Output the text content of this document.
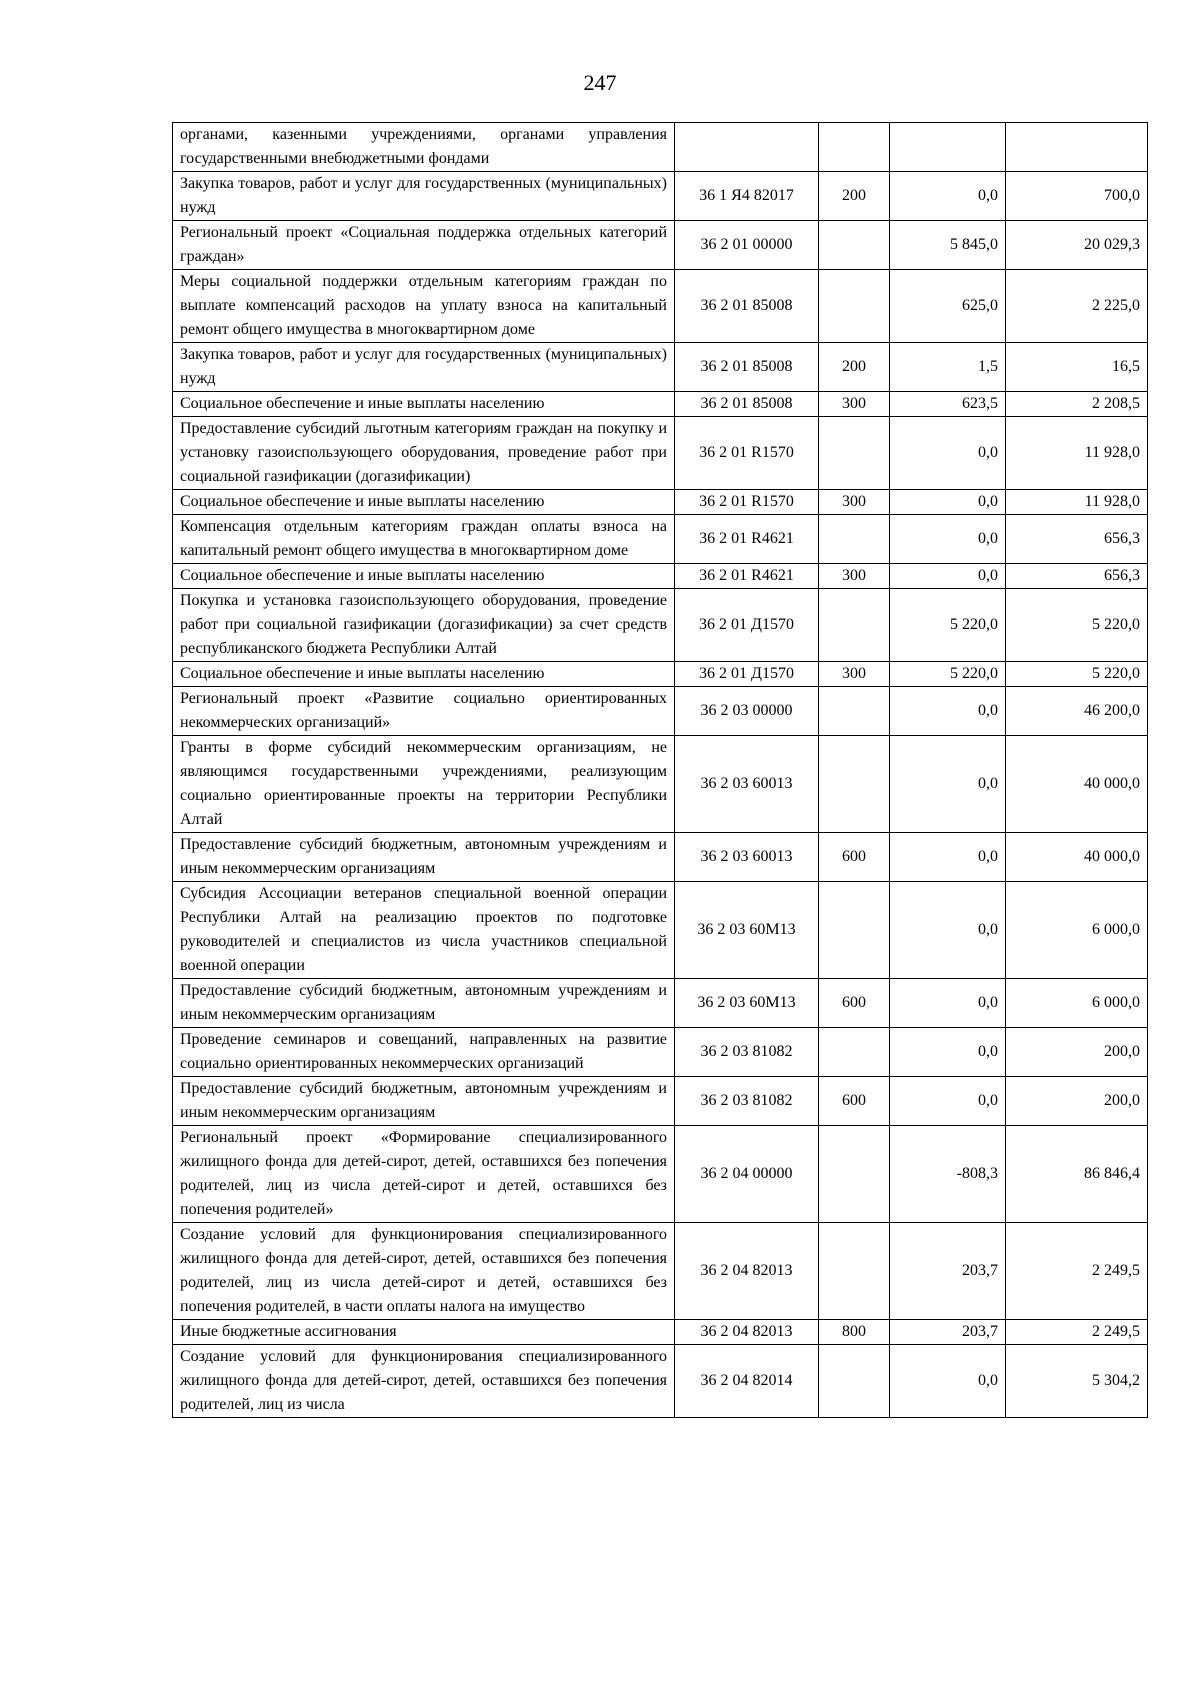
247
органами, казенными учреждениями, органами управления государственными внебюджетными фондами				
Закупка товаров, работ и услуг для государственных (муниципальных) нужд	36 1 Я4 82017	200	0,0	700,0
Региональный проект «Социальная поддержка отдельных категорий граждан»	36 2 01 00000		5 845,0	20 029,3
Меры социальной поддержки отдельным категориям граждан по выплате компенсаций расходов на уплату взноса на капитальный ремонт общего имущества в многоквартирном доме	36 2 01 85008		625,0	2 225,0
Закупка товаров, работ и услуг для государственных (муниципальных) нужд	36 2 01 85008	200	1,5	16,5
Социальное обеспечение и иные выплаты населению	36 2 01 85008	300	623,5	2 208,5
Предоставление субсидий льготным категориям граждан на покупку и установку газоиспользующего оборудования, проведение работ при социальной газификации (догазификации)	36 2 01 R1570		0,0	11 928,0
Социальное обеспечение и иные выплаты населению	36 2 01 R1570	300	0,0	11 928,0
Компенсация отдельным категориям граждан оплаты взноса на капитальный ремонт общего имущества в многоквартирном доме	36 2 01 R4621		0,0	656,3
Социальное обеспечение и иные выплаты населению	36 2 01 R4621	300	0,0	656,3
Покупка и установка газоиспользующего оборудования, проведение работ при социальной газификации (догазификации) за счет средств республиканского бюджета Республики Алтай	36 2 01 Д1570		5 220,0	5 220,0
Социальное обеспечение и иные выплаты населению	36 2 01 Д1570	300	5 220,0	5 220,0
Региональный проект «Развитие социально ориентированных некоммерческих организаций»	36 2 03 00000		0,0	46 200,0
Гранты в форме субсидий некоммерческим организациям, не являющимся государственными учреждениями, реализующим социально ориентированные проекты на территории Республики Алтай	36 2 03 60013		0,0	40 000,0
Предоставление субсидий бюджетным, автономным учреждениям и иным некоммерческим организациям	36 2 03 60013	600	0,0	40 000,0
Субсидия Ассоциации ветеранов специальной военной операции Республики Алтай на реализацию проектов по подготовке руководителей и специалистов из числа участников специальной военной операции	36 2 03 60M13		0,0	6 000,0
Предоставление субсидий бюджетным, автономным учреждениям и иным некоммерческим организациям	36 2 03 60M13	600	0,0	6 000,0
Проведение семинаров и совещаний, направленных на развитие социально ориентированных некоммерческих организаций	36 2 03 81082		0,0	200,0
Предоставление субсидий бюджетным, автономным учреждениям и иным некоммерческим организациям	36 2 03 81082	600	0,0	200,0
Региональный проект «Формирование специализированного жилищного фонда для детей-сирот, детей, оставшихся без попечения родителей, лиц из числа детей-сирот и детей, оставшихся без попечения родителей»	36 2 04 00000		-808,3	86 846,4
Создание условий для функционирования специализированного жилищного фонда для детей-сирот, детей, оставшихся без попечения родителей, лиц из числа детей-сирот и детей, оставшихся без попечения родителей, в части оплаты налога на имущество	36 2 04 82013		203,7	2 249,5
Иные бюджетные ассигнования	36 2 04 82013	800	203,7	2 249,5
Создание условий для функционирования специализированного жилищного фонда для детей-сирот, детей, оставшихся без попечения родителей, лиц из числа	36 2 04 82014		0,0	5 304,2
